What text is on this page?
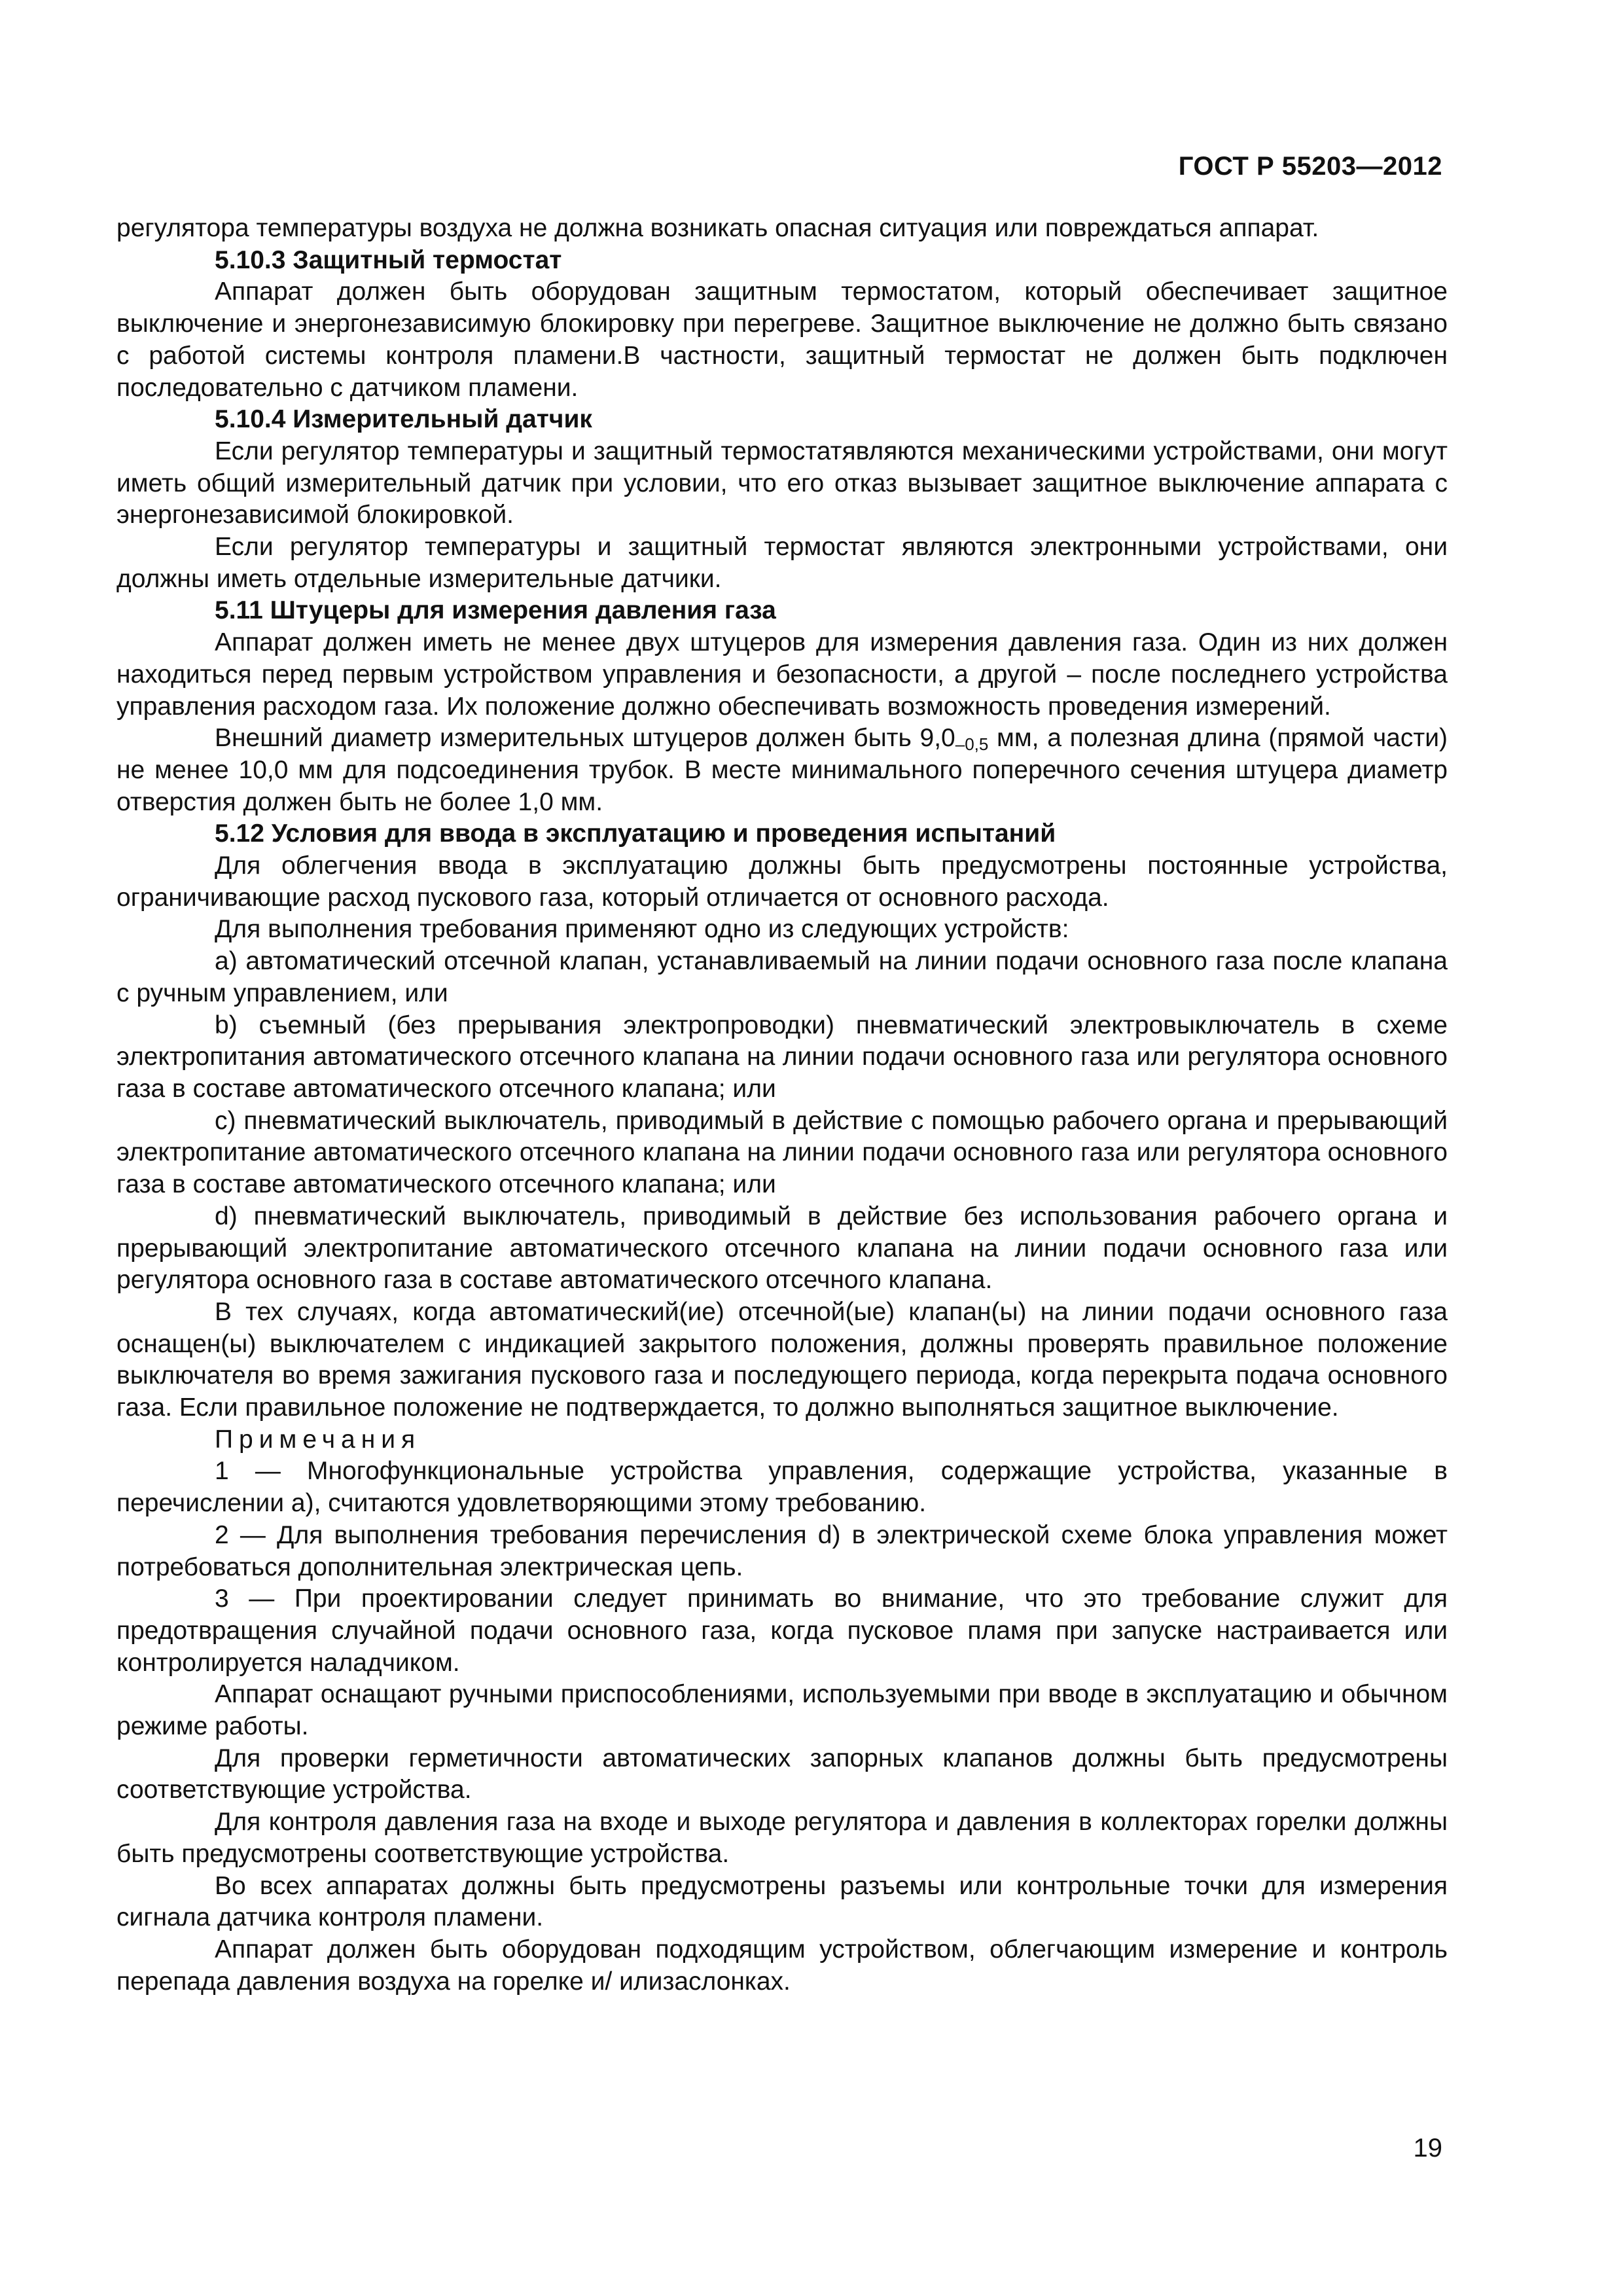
ГОСТ Р 55203—2012

регулятора температуры воздуха не должна возникать опасная ситуация или повреждаться аппарат.

5.10.3 Защитный термостат

Аппарат должен быть оборудован защитным термостатом, который обеспечивает защитное выключение и энергонезависимую блокировку при перегреве. Защитное выключение не должно быть связано с работой системы контроля пламени.В частности, защитный термостат не должен быть подключен последовательно с датчиком пламени.

5.10.4 Измерительный датчик

Если регулятор температуры и защитный термостатявляются механическими устройствами, они могут иметь общий измерительный датчик при условии, что его отказ вызывает защитное выключение аппарата с энергонезависимой блокировкой.

Если регулятор температуры и защитный термостат являются электронными устройствами, они должны иметь отдельные измерительные датчики.

5.11 Штуцеры для измерения давления газа

Аппарат должен иметь не менее двух штуцеров для измерения давления газа. Один из них должен находиться перед первым устройством управления и безопасности, а другой – после последнего устройства управления расходом газа. Их положение должно обеспечивать возможность проведения измерений.

Внешний диаметр измерительных штуцеров должен быть $9,0_{-0,5}$ мм, а полезная длина (прямой части) не менее 10,0 мм для подсоединения трубок. В месте минимального поперечного сечения штуцера диаметр отверстия должен быть не более 1,0 мм.

5.12 Условия для ввода в эксплуатацию и проведения испытаний

Для облегчения ввода в эксплуатацию должны быть предусмотрены постоянные устройства, ограничивающие расход пускового газа, который отличается от основного расхода.

Для выполнения требования применяют одно из следующих устройств:

а) автоматический отсечной клапан, устанавливаемый на линии подачи основного газа после клапана с ручным управлением, или

b) съемный (без прерывания электропроводки) пневматический электровыключатель в схеме электропитания автоматического отсечного клапана на линии подачи основного газа или регулятора основного газа в составе автоматического отсечного клапана; или

c) пневматический выключатель, приводимый в действие с помощью рабочего органа и прерывающий электропитание автоматического отсечного клапана на линии подачи основного газа или регулятора основного газа в составе автоматического отсечного клапана; или

d) пневматический выключатель, приводимый в действие без использования рабочего органа и прерывающий электропитание автоматического отсечного клапана на линии подачи основного газа или регулятора основного газа в составе автоматического отсечного клапана.

В тех случаях, когда автоматический(ие) отсечной(ые) клапан(ы) на линии подачи основного газа оснащен(ы) выключателем с индикацией закрытого положения, должны проверять правильное положение выключателя во время зажигания пускового газа и последующего периода, когда перекрыта подача основного газа. Если правильное положение не подтверждается, то должно выполняться защитное выключение.

Примечания

1 — Многофункциональные устройства управления, содержащие устройства, указанные в перечислении а), считаются удовлетворяющими этому требованию.

2 — Для выполнения требования перечисления d) в электрической схеме блока управления может потребоваться дополнительная электрическая цепь.

3 — При проектировании следует принимать во внимание, что это требование служит для предотвращения случайной подачи основного газа, когда пусковое пламя при запуске настраивается или контролируется наладчиком.

Аппарат оснащают ручными приспособлениями, используемыми при вводе в эксплуатацию и обычном режиме работы.

Для проверки герметичности автоматических запорных клапанов должны быть предусмотрены соответствующие устройства.

Для контроля давления газа на входе и выходе регулятора и давления в коллекторах горелки должны быть предусмотрены соответствующие устройства.

Во всех аппаратах должны быть предусмотрены разъемы или контрольные точки для измерения сигнала датчика контроля пламени.

Аппарат должен быть оборудован подходящим устройством, облегчающим измерение и контроль перепада давления воздуха на горелке и/ илизаслонках.

19
